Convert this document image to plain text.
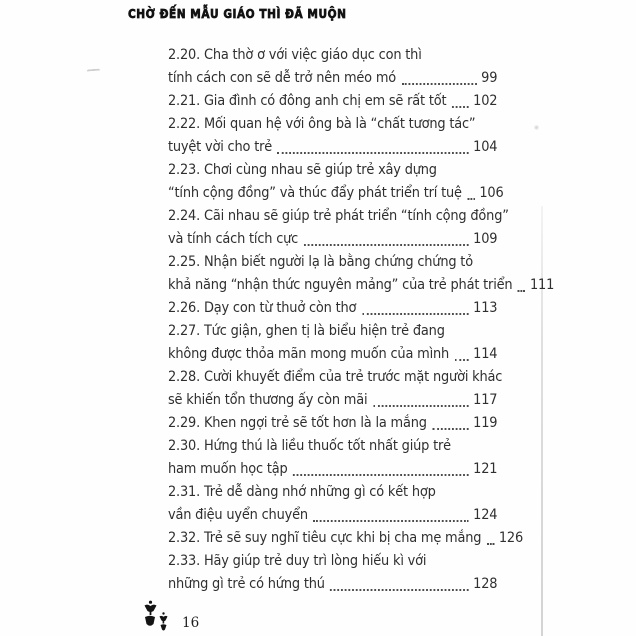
CHỜ ĐẾN MẪU GIÁO THÌ ĐÃ MUỘN
2.20. Cha thờ ơ với việc giáo dục con thì
tính cách con sẽ dễ trở nên méo mó	99
2.21. Gia đình có đông anh chị em sẽ rất tốt 102
2.22. Mối quan hệ với ông bà là “chất tương tác”
tuyệt vời cho trẻ	104
2.23. Chơi cùng nhau sẽ giúp trẻ xây dựng
“tính cộng đồng” và thúc đẩy phát triển trí tuệ 106
2.24. Cãi nhau sẽ giúp trẻ phát triển “tính cộng đồng”
và tính cách tích cực	109
2.25. Nhận biết người lạ là bằng chứng chứng tỏ
khả năng “nhận thức nguyên mảng” của trẻ phát triển 111
2.26. Dạy con từ thuở còn thơ	113
2.27. Tức giận, ghen tị là biểu hiện trẻ đang
không được thỏa mãn mong muốn của mình 114
2.28. Cười khuyết điểm của trẻ trước mặt người khác
sẽ khiến tổn thương ấy còn mãi	117
2.29. Khen ngợi trẻ sẽ tốt hơn là la mắng	119
2.30. Hứng thú là liều thuốc tốt nhất giúp trẻ
ham muốn học tập	121
2.31. Trẻ dễ dàng nhớ những gì có kết hợp
vần điệu uyển chuyển	124
2.32. Trẻ sẽ suy nghĩ tiêu cực khi bị cha mẹ mắng 126
2.33. Hãy giúp trẻ duy trì lòng hiếu kì với
những gì trẻ có hứng thú	128
16
